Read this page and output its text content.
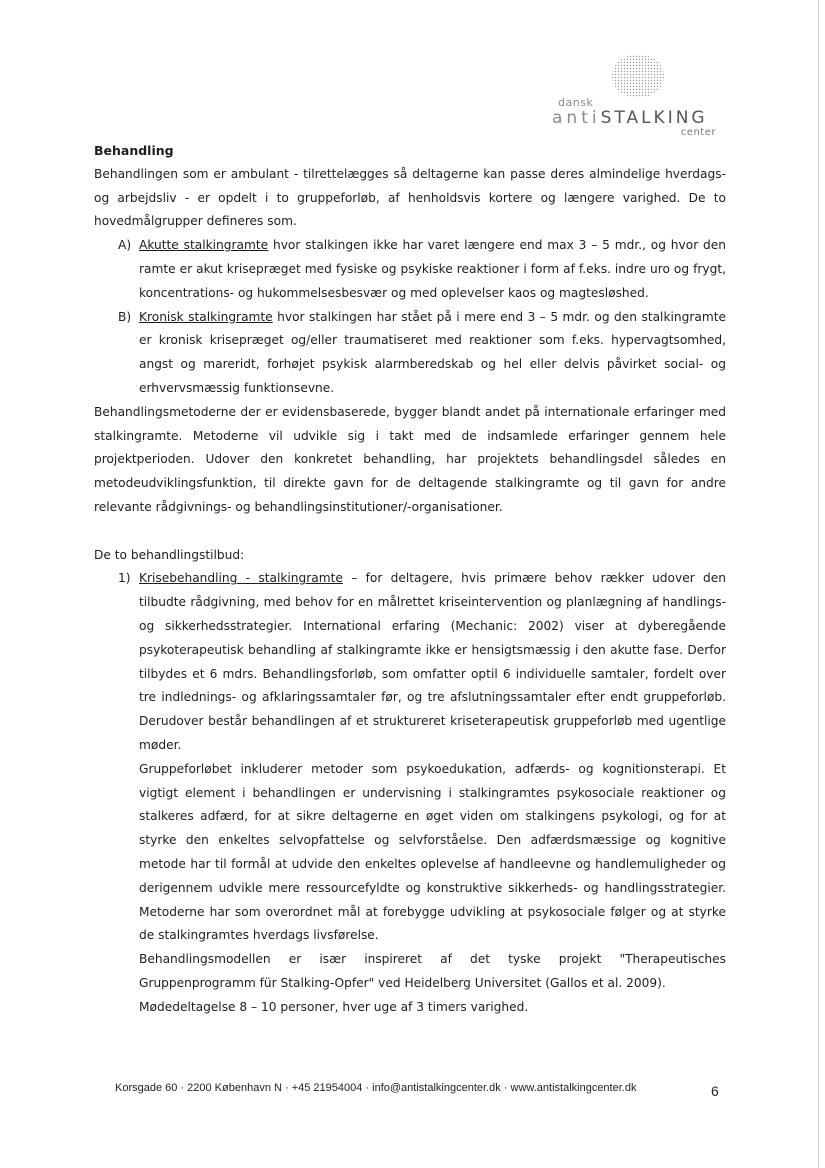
dansk
antiSTALKING
center
Behandling

Behandlingen som er ambulant - tilrettelægges så deltagerne kan passe deres almindelige hverdags- og arbejdsliv - er opdelt i to gruppeforløb, af henholdsvis kortere og længere varighed. De to hovedmålgrupper defineres som.

A) Akutte stalkingramte hvor stalkingen ikke har varet længere end max 3 – 5 mdr., og hvor den ramte er akut krisepræget med fysiske og psykiske reaktioner i form af f.eks. indre uro og frygt, koncentrations- og hukommelsesbesvær og med oplevelser kaos og magtesløshed.
B) Kronisk stalkingramte hvor stalkingen har stået på i mere end 3 – 5 mdr. og den stalkingramte er kronisk krisepræget og/eller traumatiseret med reaktioner som f.eks. hypervagtsomhed, angst og mareridt, forhøjet psykisk alarmberedskab og hel eller delvis påvirket social- og erhvervsmæssig funktionsevne.

Behandlingsmetoderne der er evidensbaserede, bygger blandt andet på internationale erfaringer med stalkingramte. Metoderne vil udvikle sig i takt med de indsamlede erfaringer gennem hele projektperioden. Udover den konkretet behandling, har projektets behandlingsdel således en metodeudviklingsfunktion, til direkte gavn for de deltagende stalkingramte og til gavn for andre relevante rådgivnings- og behandlingsinstitutioner/-organisationer.

De to behandlingstilbud:

1) Krisebehandling - stalkingramte – for deltagere, hvis primære behov rækker udover den tilbudte rådgivning, med behov for en målrettet kriseintervention og planlægning af handlings- og sikkerhedsstrategier. International erfaring (Mechanic: 2002) viser at dyberegående psykoterapeutisk behandling af stalkingramte ikke er hensigtsmæssig i den akutte fase. Derfor tilbydes et 6 mdrs. Behandlingsforløb, som omfatter optil 6 individuelle samtaler, fordelt over tre indlednings- og afklaringssamtaler før, og tre afslutningssamtaler efter endt gruppeforløb. Derudover består behandlingen af et struktureret kriseterapeutisk gruppeforløb med ugentlige møder.

Gruppeforløbet inkluderer metoder som psykoedukation, adfærds- og kognitionsterapi. Et vigtigt element i behandlingen er undervisning i stalkingramtes psykosociale reaktioner og stalkeres adfærd, for at sikre deltagerne en øget viden om stalkingens psykologi, og for at styrke den enkeltes selvopfattelse og selvforståelse. Den adfærdsmæssige og kognitive metode har til formål at udvide den enkeltes oplevelse af handleevne og handlemuligheder og derigennem udvikle mere ressourcefyldte og konstruktive sikkerheds- og handlingsstrategier. Metoderne har som overordnet mål at forebygge udvikling at psykosociale følger og at styrke de stalkingramtes hverdags livsførelse.

Behandlingsmodellen er især inspireret af det tyske projekt "Therapeutisches Gruppenprogramm für Stalking-Opfer" ved Heidelberg Universitet (Gallos et al. 2009).

Mødedeltagelse 8 – 10 personer, hver uge af 3 timers varighed.

Korsgade 60 · 2200 København N · +45 21954004 · info@antistalkingcenter.dk · www.antistalkingcenter.dk	6
